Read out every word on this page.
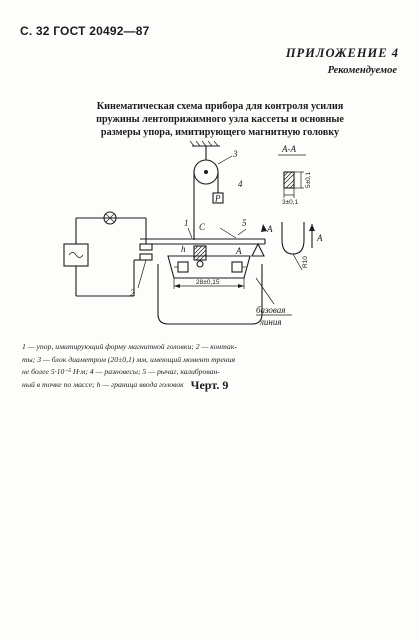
С. 32 ГОСТ 20492—87
ПРИЛОЖЕНИЕ 4
Рекомендуемое
Кинематическая схема прибора для контроля усилия
пружины лентоприжимного узла кассеты и основные
размеры упора, имитирующего магнитную головку
Р
3
4
А-А
3±0,1
5±0,1
R10
А
С	5
1
А
А
2
h
28±0,15
базовая
линия
1 — упор, имитирующий форму магнитной головки; 2 — контак-
ты; 3 — блок диаметром (20±0,1) мм, имеющий момент трения
не более 5·10⁻⁵ Н·м; 4 — разновесы; 5 — рычаг, калиброван-
ный в точке по массе; h — граница ввода головок Черт. 9
